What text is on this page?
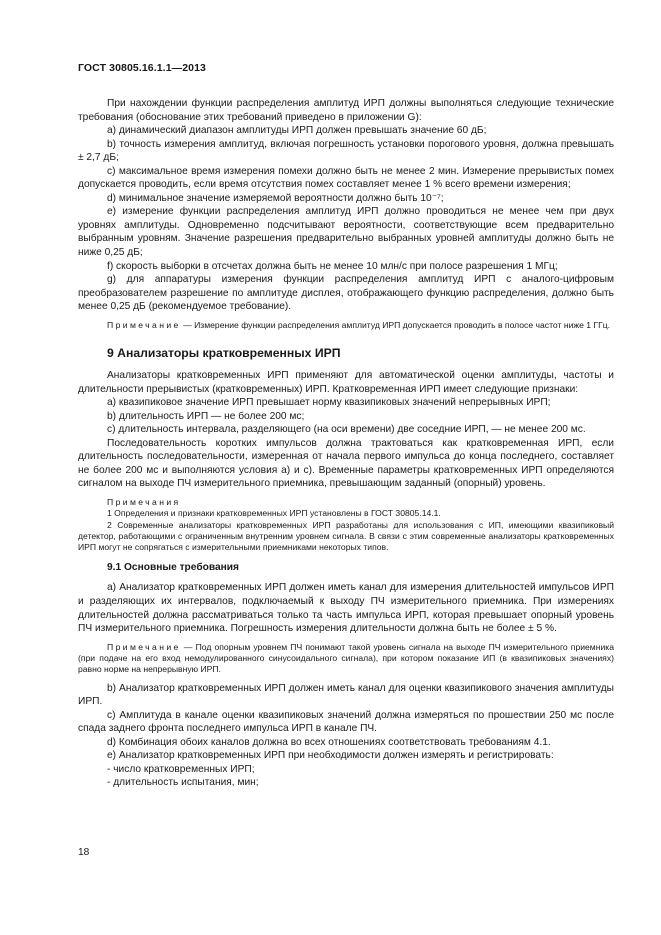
ГОСТ 30805.16.1.1—2013

При нахождении функции распределения амплитуд ИРП должны выполняться следующие технические требования (обоснование этих требований приведено в приложении G):

а) динамический диапазон амплитуды ИРП должен превышать значение 60 дБ;

b) точность измерения амплитуд, включая погрешность установки порогового уровня, должна превышать ± 2,7 дБ;

с) максимальное время измерения помехи должно быть не менее 2 мин. Измерение прерывистых помех допускается проводить, если время отсутствия помех составляет менее 1 % всего времени измерения;

d) минимальное значение измеряемой вероятности должно быть 10⁻⁷;

е) измерение функции распределения амплитуд ИРП должно проводиться не менее чем при двух уровнях амплитуды. Одновременно подсчитывают вероятности, соответствующие всем предварительно выбранным уровням. Значение разрешения предварительно выбранных уровней амплитуды должно быть не ниже 0,25 дБ;

f) скорость выборки в отсчетах должна быть не менее 10 млн/с при полосе разрешения 1 МГц;

g) для аппаратуры измерения функции распределения амплитуд ИРП с аналого-цифровым преобразователем разрешение по амплитуде дисплея, отображающего функцию распределения, должно быть менее 0,25 дБ (рекомендуемое требование).

Примечание — Измерение функции распределения амплитуд ИРП допускается проводить в полосе частот ниже 1 ГГц.

9 Анализаторы кратковременных ИРП

Анализаторы кратковременных ИРП применяют для автоматической оценки амплитуды, частоты и длительности прерывистых (кратковременных) ИРП. Кратковременная ИРП имеет следующие признаки:

а) квазипиковое значение ИРП превышает норму квазипиковых значений непрерывных ИРП;

b) длительность ИРП — не более 200 мс;

с) длительность интервала, разделяющего (на оси времени) две соседние ИРП, — не менее 200 мс.

Последовательность коротких импульсов должна трактоваться как кратковременная ИРП, если длительность последовательности, измеренная от начала первого импульса до конца последнего, составляет не более 200 мс и выполняются условия а) и с). Временные параметры кратковременных ИРП определяются сигналом на выходе ПЧ измерительного приемника, превышающим заданный (опорный) уровень.

Примечания

1 Определения и признаки кратковременных ИРП установлены в ГОСТ 30805.14.1.

2 Современные анализаторы кратковременных ИРП разработаны для использования с ИП, имеющими квазипиковый детектор, работающими с ограниченным внутренним уровнем сигнала. В связи с этим современные анализаторы кратковременных ИРП могут не сопрягаться с измерительными приемниками некоторых типов.

9.1 Основные требования

а) Анализатор кратковременных ИРП должен иметь канал для измерения длительностей импульсов ИРП и разделяющих их интервалов, подключаемый к выходу ПЧ измерительного приемника. При измерениях длительностей должна рассматриваться только та часть импульса ИРП, которая превышает опорный уровень ПЧ измерительного приемника. Погрешность измерения длительности должна быть не более ± 5 %.

Примечание — Под опорным уровнем ПЧ понимают такой уровень сигнала на выходе ПЧ измерительного приемника (при подаче на его вход немодулированного синусоидального сигнала), при котором показание ИП (в квазипиковых значениях) равно норме на непрерывную ИРП.

b) Анализатор кратковременных ИРП должен иметь канал для оценки квазипикового значения амплитуды ИРП.

с) Амплитуда в канале оценки квазипиковых значений должна измеряться по прошествии 250 мс после спада заднего фронта последнего импульса ИРП в канале ПЧ.

d) Комбинация обоих каналов должна во всех отношениях соответствовать требованиям 4.1.

е) Анализатор кратковременных ИРП при необходимости должен измерять и регистрировать:

- число кратковременных ИРП;

- длительность испытания, мин;

18
